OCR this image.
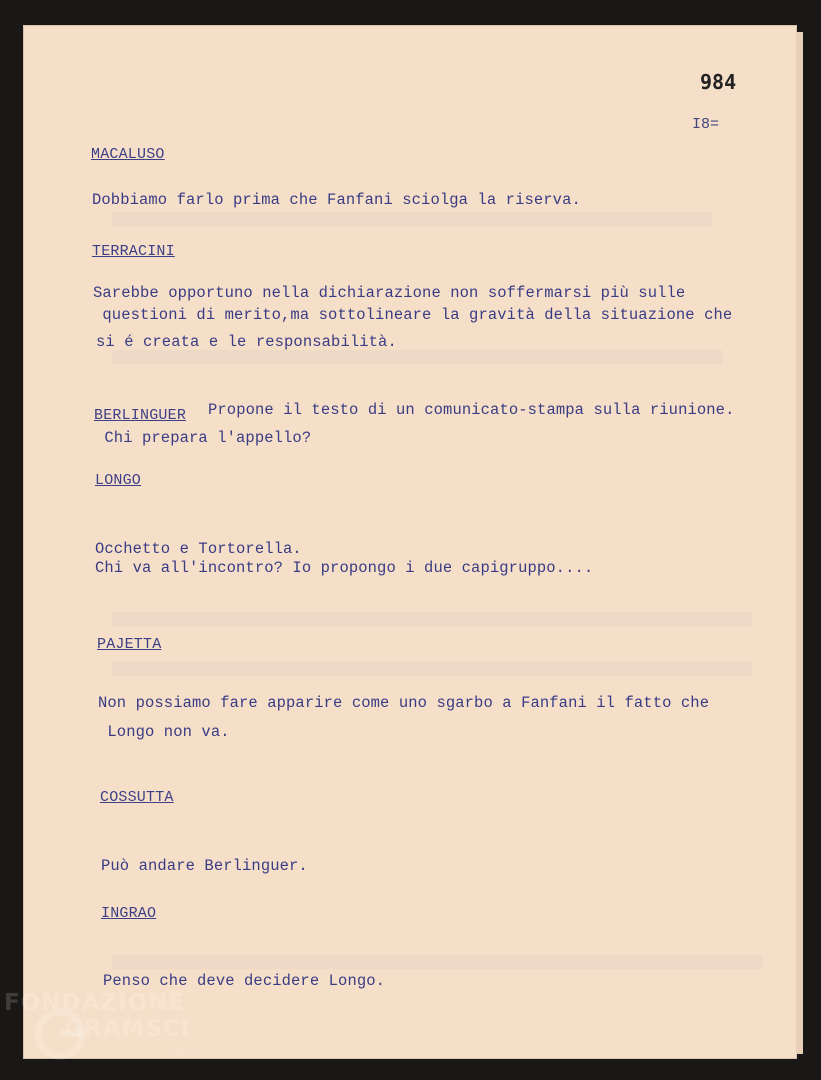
984
I8=
MACALUSO
Dobbiamo farlo prima che Fanfani sciolga la riserva.
TERRACINI
Sarebbe opportuno nella dichiarazione non soffermarsi più sulle
questioni di merito,ma sottolineare la gravità della situazione che
si é creata e le responsabilità.
BERLINGUER Propone il testo di un comunicato-stampa sulla riunione.
Chi prepara l'appello?
LONGO
Occhetto e Tortorella.
Chi va all'incontro? Io propongo i due capigruppo....
PAJETTA
Non possiamo fare apparire come uno sgarbo a Fanfani il fatto che
Longo non va.
COSSUTTA
Può andare Berlinguer.
INGRAO
Penso che deve decidere Longo.
FONDAZIONE
GRAMSCI
ONLUS
